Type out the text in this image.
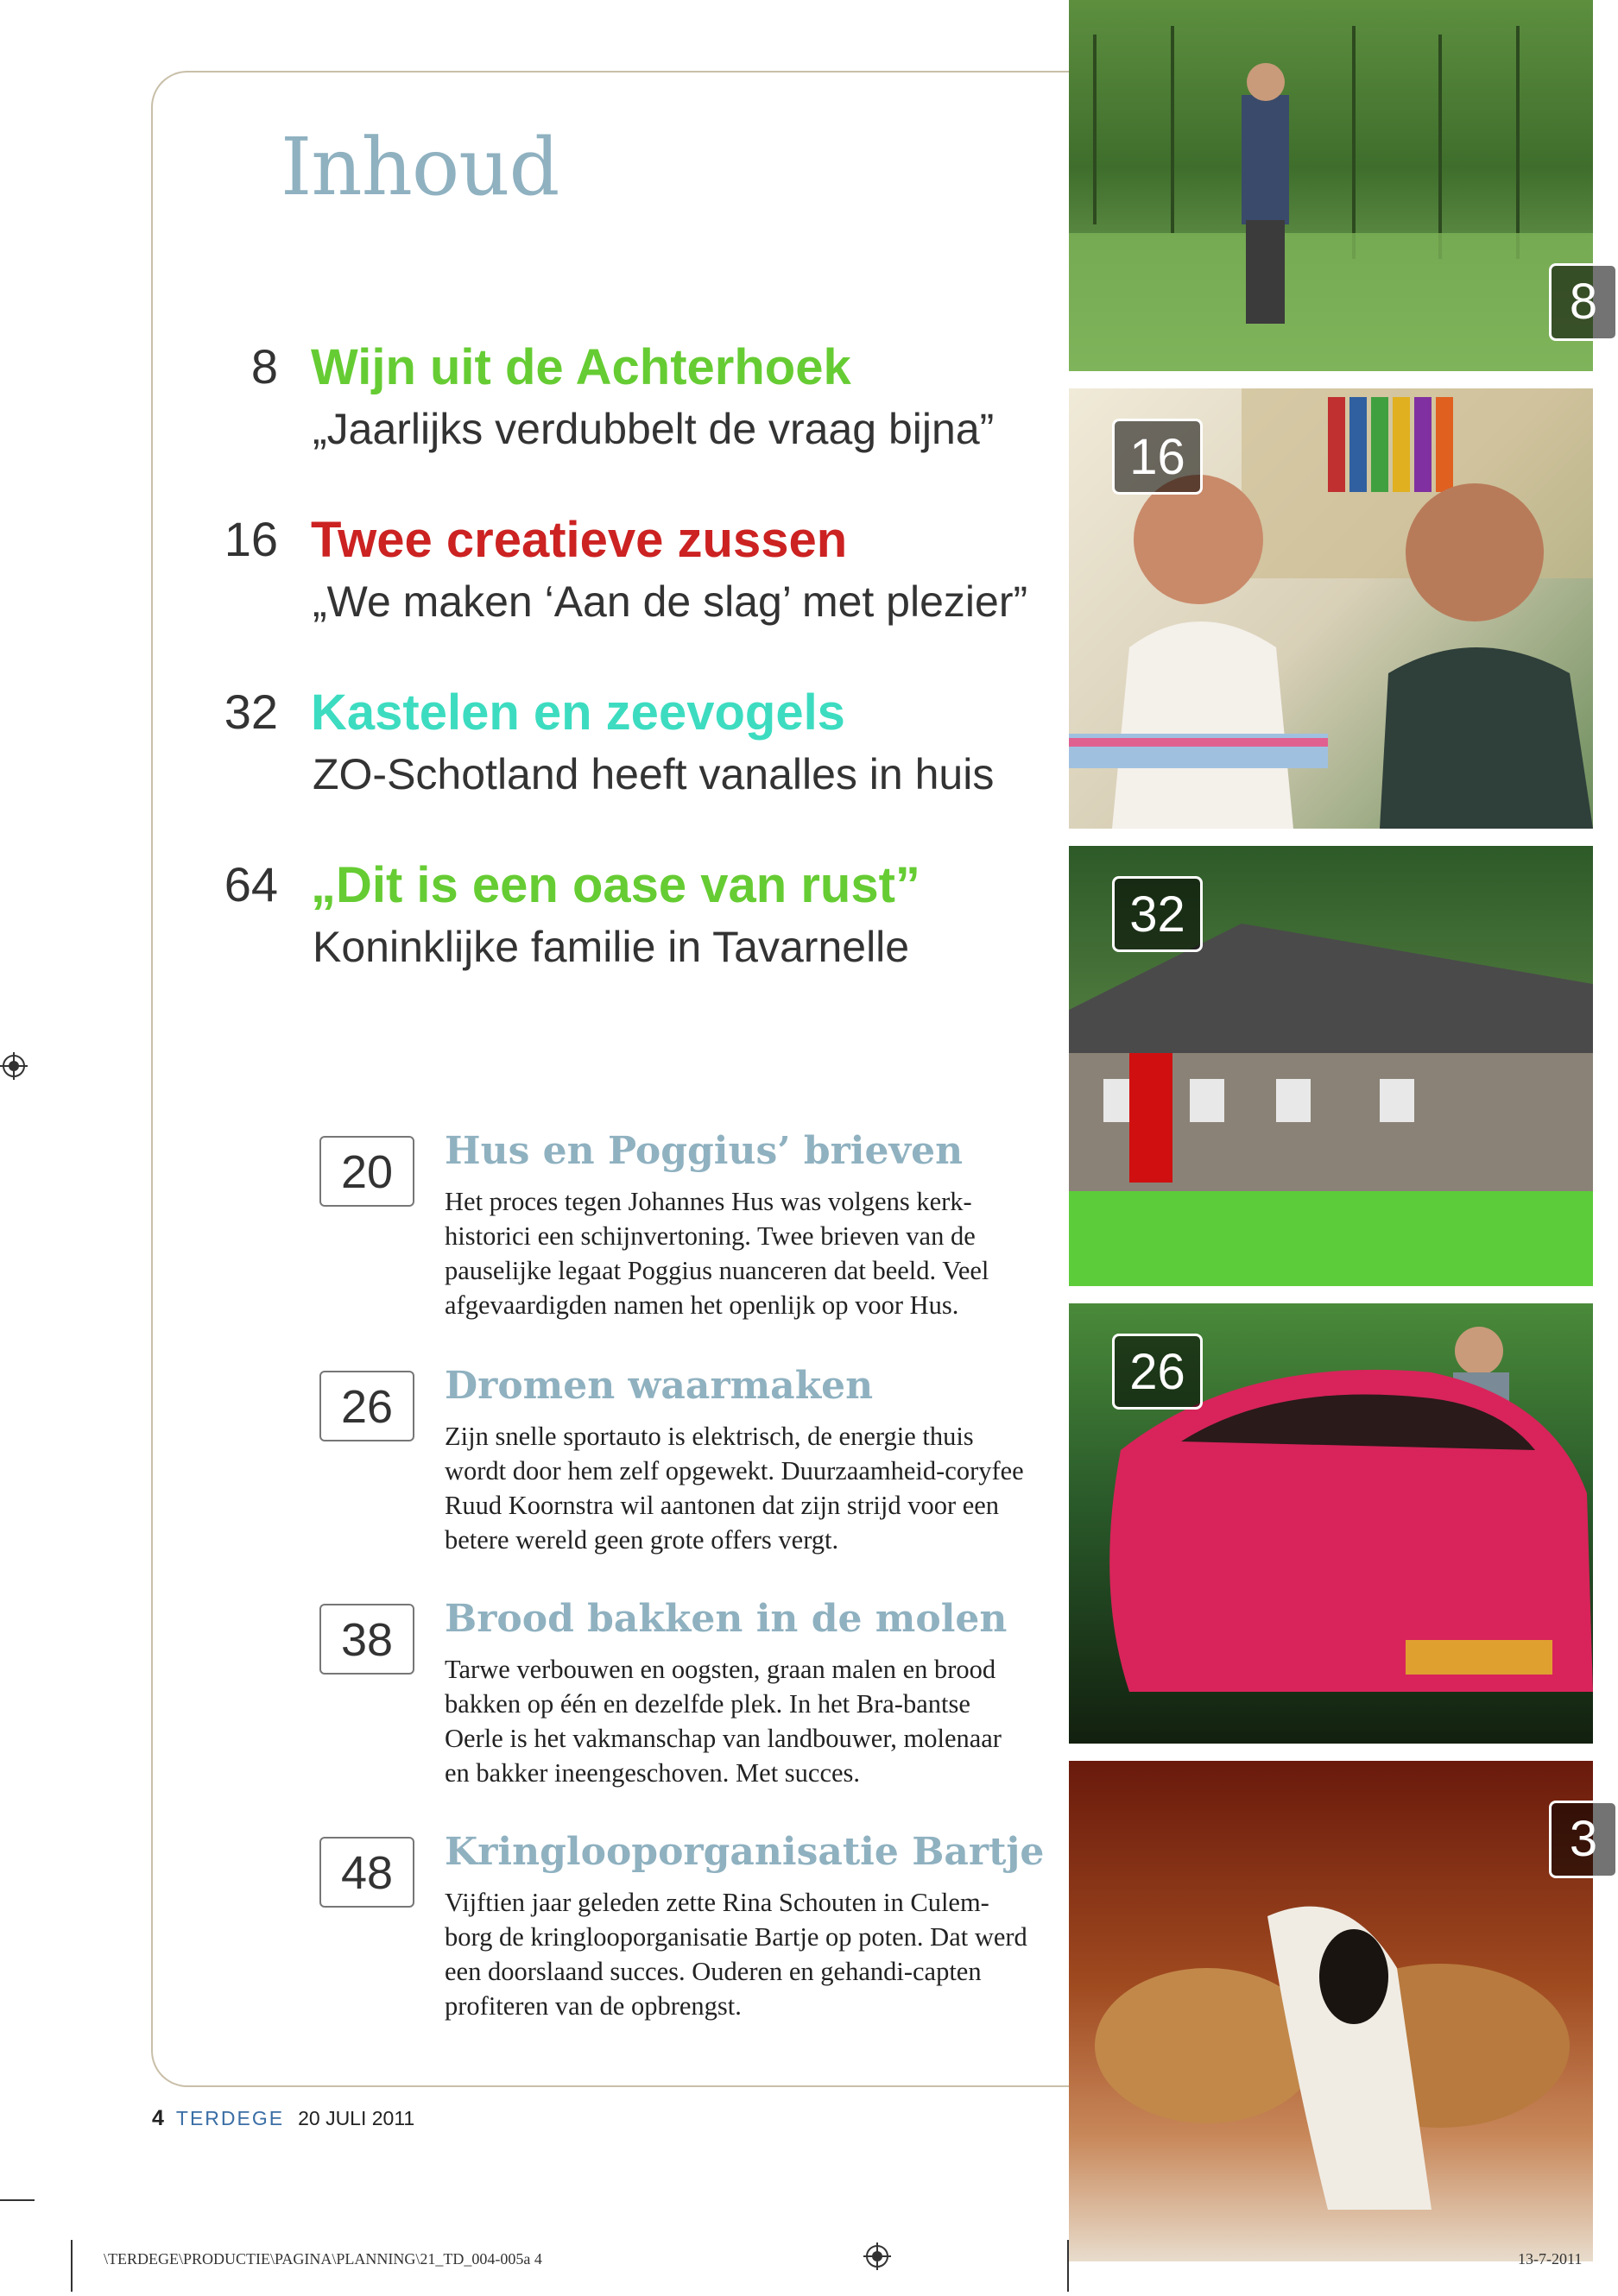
Inhoud
8 Wijn uit de Achterhoek
„Jaarlijks verdubbelt de vraag bijna”
16 Twee creatieve zussen
„We maken ‘Aan de slag’ met plezier”
32 Kastelen en zeevogels
ZO-Schotland heeft vanalles in huis
64 „Dit is een oase van rust”
Koninklijke familie in Tavarnelle
20	Hus en Poggius’ brieven
Het proces tegen Johannes Hus was volgens kerk-historici een schijnvertoning. Twee brieven van de pauselijke legaat Poggius nuanceren dat beeld. Veel afgevaardigden namen het openlijk op voor Hus.
26	Dromen waarmaken
Zijn snelle sportauto is elektrisch, de energie thuis wordt door hem zelf opgewekt. Duurzaamheid-coryfee Ruud Koornstra wil aantonen dat zijn strijd voor een betere wereld geen grote offers vergt.
38	Brood bakken in de molen
Tarwe verbouwen en oogsten, graan malen en brood bakken op één en dezelfde plek. In het Bra-bantse Oerle is het vakmanschap van landbouwer, molenaar en bakker ineengeschoven. Met succes.
48	Kringlooporganisatie Bartje
Vijftien jaar geleden zette Rina Schouten in Culem-borg de kringlooporganisatie Bartje op poten. Dat werd een doorslaand succes. Ouderen en gehandi-capten profiteren van de opbrengst.
4 TERDEGE 20 JULI 2011
8
16
32
26
3
\TERDEGE\PRODUCTIE\PAGINA\PLANNING\21_TD_004-005a 4	13-7-2011
